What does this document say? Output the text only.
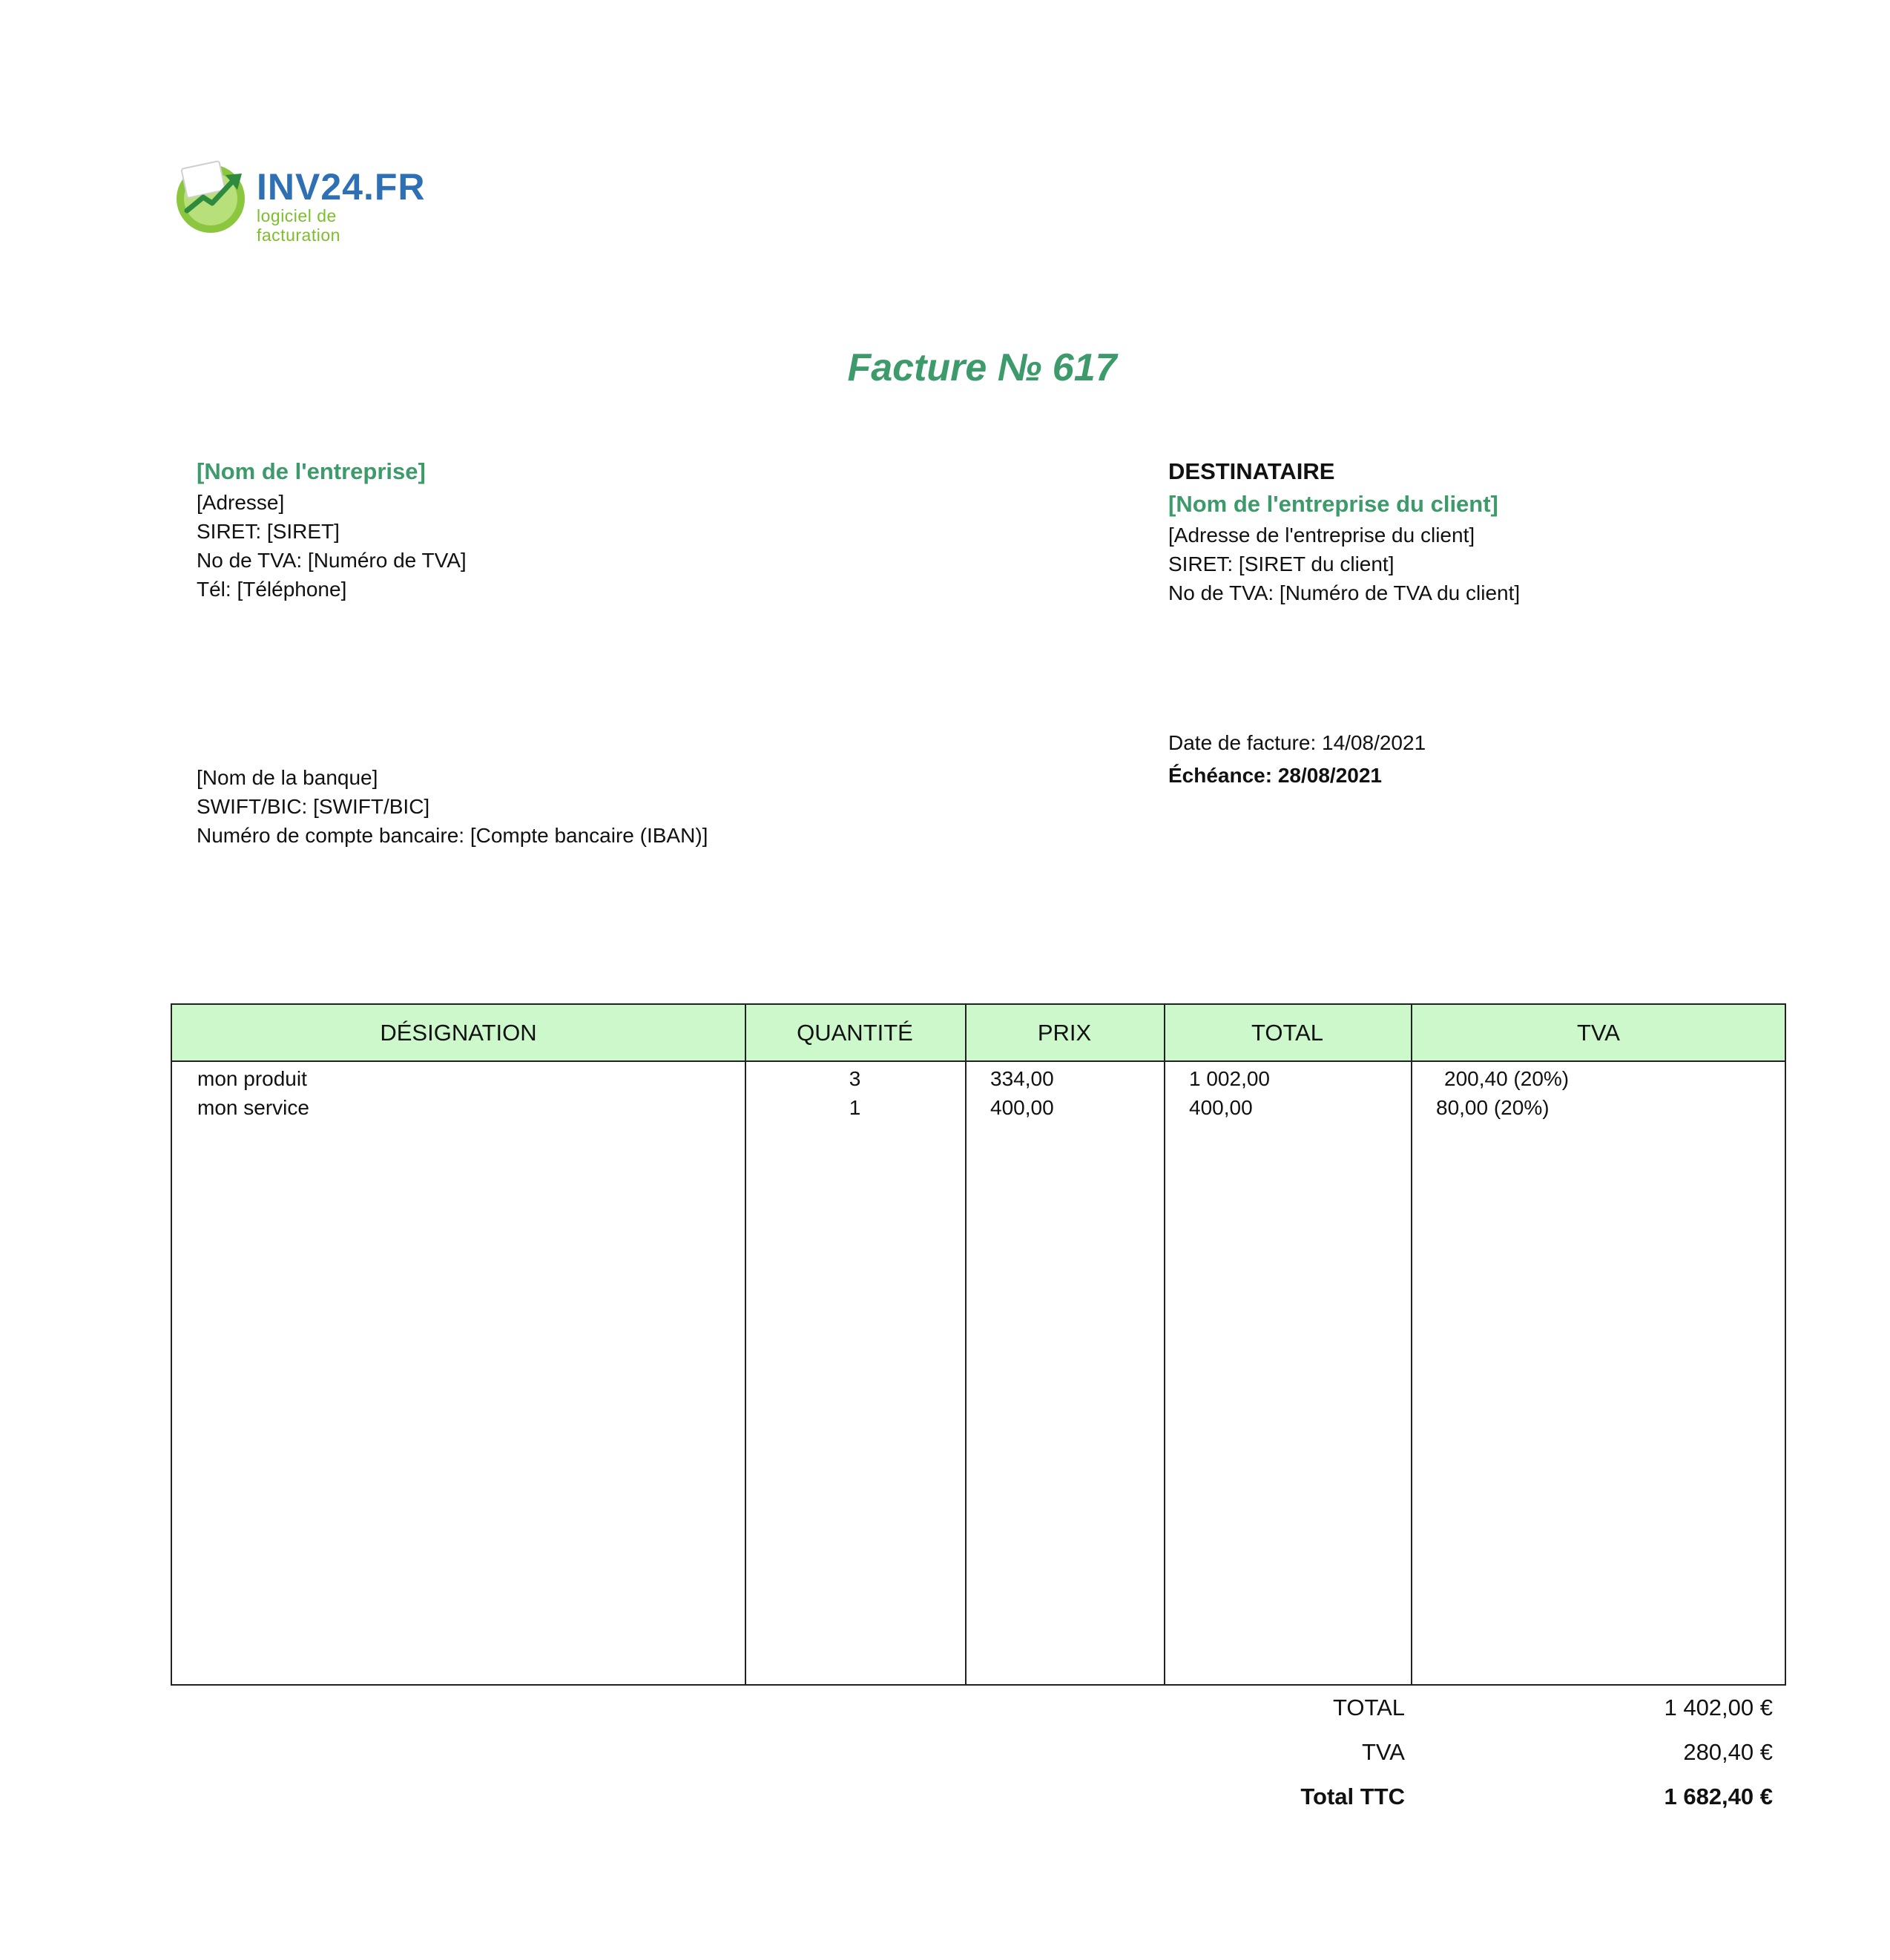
INV24.FR
logiciel de facturation
Facture № 617
[Nom de l'entreprise]
[Adresse]
SIRET: [SIRET]
No de TVA: [Numéro de TVA]
Tél: [Téléphone]
DESTINATAIRE
[Nom de l'entreprise du client]
[Adresse de l'entreprise du client]
SIRET: [SIRET du client]
No de TVA: [Numéro de TVA du client]
[Nom de la banque]
SWIFT/BIC: [SWIFT/BIC]
Numéro de compte bancaire: [Compte bancaire (IBAN)]
Date de facture: 14/08/2021
Échéance: 28/08/2021
DÉSIGNATION	QUANTITÉ	PRIX	TOTAL	TVA
mon produit	3	334,00	1 002,00	200,40 (20%)
mon service	1	400,00	400,00	80,00 (20%)
TOTAL	1 402,00 €
TVA	280,40 €
Total TTC	1 682,40 €
